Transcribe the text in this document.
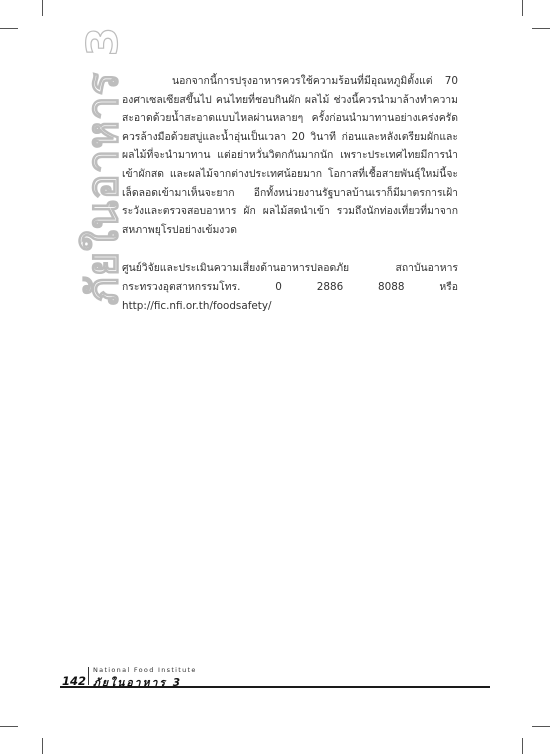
ภัยในอาหาร 3	นอกจากนี้การปรุงอาหารควรใช้ความร้อนที่มีอุณหภูมิตั้งแต่ 70 องศาเซลเซียสขึ้นไป คนไทยที่ชอบกินผัก ผลไม้ ช่วงนี้ควรนำมาล้างทำความสะอาดด้วยน้ำสะอาดแบบไหลผ่านหลายๆ ครั้งก่อนนำมาทานอย่างเคร่งครัด ควรล้างมือด้วยสบู่และน้ำอุ่นเป็นเวลา 20 วินาที ก่อนและหลังเตรียมผักและผลไม้ที่จะนำมาทาน แต่อย่าหวั่นวิตกกันมากนัก เพราะประเทศไทยมีการนำเข้าผักสด และผลไม้จากต่างประเทศน้อยมาก โอกาสที่เชื้อสายพันธุ์ใหม่นี้จะเล็ดลอดเข้ามาเห็นจะยาก อีกทั้งหน่วยงานรัฐบาลบ้านเราก็มีมาตรการเฝ้าระวังและตรวจสอบอาหาร ผัก ผลไม้สดนำเข้า รวมถึงนักท่องเที่ยวที่มาจากสหภาพยุโรปอย่างเข้มงวด

ศูนย์วิจัยและประเมินความเสี่ยงด้านอาหารปลอดภัย สถาบันอาหาร กระทรวงอุตสาหกรรมโทร. 0 2886 8088 หรือ http://fic.nfi.or.th/foodsafety/

142
National Food Institute
ภัยในอาหาร 3
